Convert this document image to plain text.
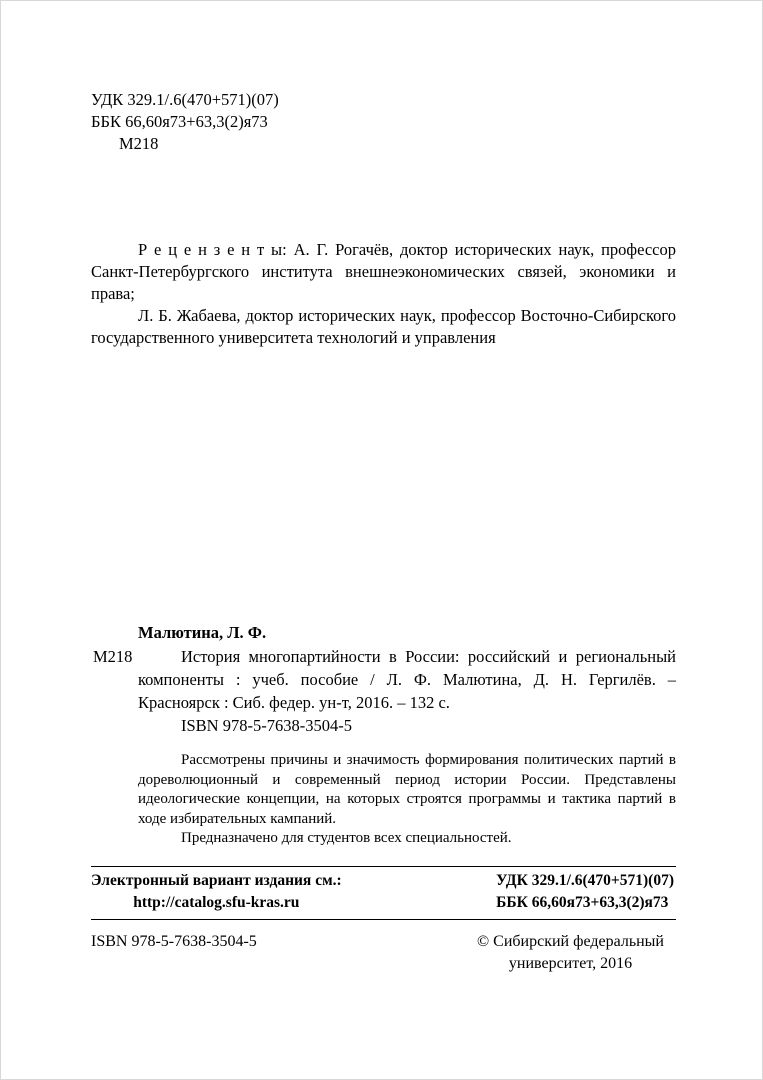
УДК 329.1/.6(470+571)(07)
ББК 66,60я73+63,3(2)я73
М218

Р е ц е н з е н т ы: А. Г. Рогачёв, доктор исторических наук, профессор Санкт-Петербургского института внешнеэкономических связей, экономики и права;

Л. Б. Жабаева, доктор исторических наук, профессор Восточно-Сибирского государственного университета технологий и управления

Малютина, Л. Ф.

М218	История многопартийности в России: российский и региональный компоненты : учеб. пособие / Л. Ф. Малютина, Д. Н. Гергилёв. – Красноярск : Сиб. федер. ун-т, 2016. – 132 с.

ISBN 978-5-7638-3504-5

Рассмотрены причины и значимость формирования политических партий в дореволюционный и современный период истории России. Представлены идеологические концепции, на которых строятся программы и тактика партий в ходе избирательных кампаний.

Предназначено для студентов всех специальностей.

Электронный вариант издания см.:
http://catalog.sfu-kras.ru
УДК 329.1/.6(470+571)(07)
ББК 66,60я73+63,3(2)я73
ISBN 978-5-7638-3504-5	© Сибирский федеральный
университет, 2016
